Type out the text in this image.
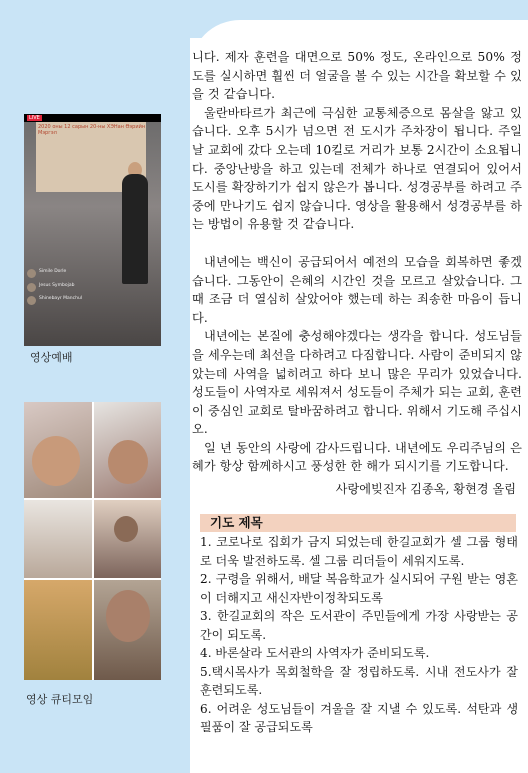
LIVE
2020 оны 12 сарын 20-ны ХЭНан Өэрийн Мэргэл
Simile Dorle
Jesus Symbojab
Shinebayr Manchul
영상예배
영상 큐티모임

니다. 제자 훈련을 대면으로 50% 정도, 온라인으로 50% 정도를 실시하면 훨씬 더 얼굴을 볼 수 있는 시간을 확보할 수 있을 것 같습니다.

울란바타르가 최근에 극심한 교통체증으로 몸살을 앓고 있습니다. 오후 5시가 넘으면 전 도시가 주차장이 됩니다. 주일 날 교회에 갔다 오는데 10킬로 거리가 보통 2시간이 소요됩니다. 중앙난방을 하고 있는데 전체가 하나로 연결되어 있어서 도시를 확장하기가 쉽지 않은가 봅니다. 성경공부를 하려고 주중에 만나기도 쉽지 않습니다. 영상을 활용해서 성경공부를 하는 방법이 유용할 것 같습니다.

내년에는 백신이 공급되어서 예전의 모습을 회복하면 좋겠습니다. 그동안이 은혜의 시간인 것을 모르고 살았습니다. 그 때 조금 더 열심히 살았어야 했는데 하는 죄송한 마음이 듭니다.

내년에는 본질에 충성해야겠다는 생각을 합니다. 성도님들을 세우는데 최선을 다하려고 다짐합니다. 사람이 준비되지 않았는데 사역을 넓히려고 하다 보니 많은 무리가 있었습니다. 성도들이 사역자로 세워져서 성도들이 주체가 되는 교회, 훈련이 중심인 교회로 탈바꿈하려고 합니다. 위해서 기도해 주십시오.

일 년 동안의 사랑에 감사드립니다. 내년에도 우리주님의 은혜가 항상 함께하시고 풍성한 한 해가 되시기를 기도합니다.

사랑에빚진자 김종옥, 황현경 올림
기도 제목

1. 코로나로 집회가 금지 되었는데 한길교회가 셀 그룹 형태로 더욱 발전하도록. 셀 그룹 리더들이 세워지도록.

2. 구령을 위해서, 배달 복음학교가 실시되어 구원 받는 영혼이 더해지고 새신자반이정착되도록

3. 한길교회의 작은 도서관이 주민들에게 가장 사랑받는 공간이 되도록.

4. 바론살라 도서관의 사역자가 준비되도록.

5.택시목사가 목회철학을 잘 정립하도록. 시내 전도사가 잘 훈련되도록.

6. 어려운 성도님들이 겨울을 잘 지낼 수 있도록. 석탄과 생필품이 잘 공급되도록
